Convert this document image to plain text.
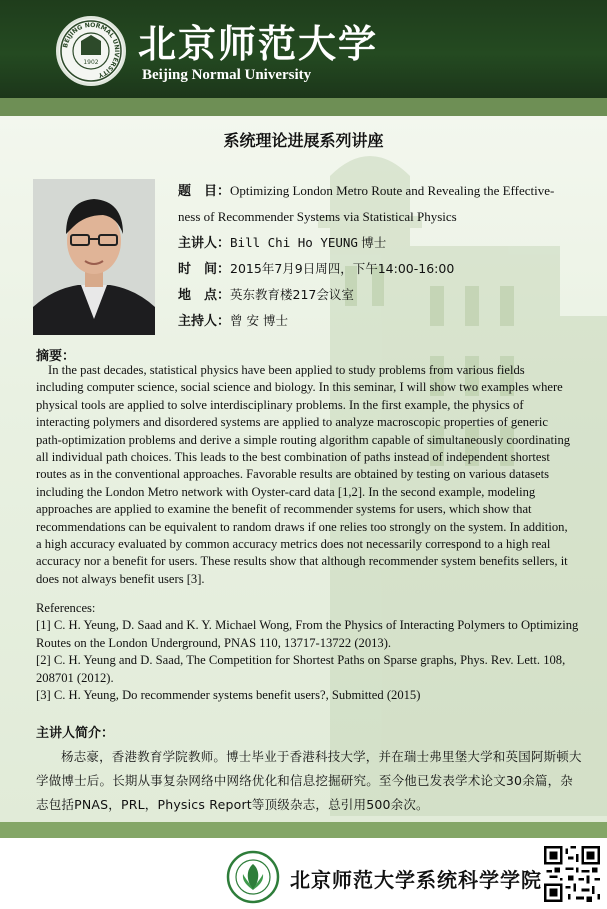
BEIJING NORMAL UNIVERSITY
1902 北京师范大学
Beijing Normal University
系统理论进展系列讲座
题　目：Optimizing London Metro Route and Revealing the Effective-
ness of Recommender Systems via Statistical Physics
主讲人：Bill Chi Ho YEUNG 博士
时　间：2015年7月9日周四，下午14:00-16:00
地　点：英东教育楼217会议室
主持人：曾 安 博士
摘要：

In the past decades, statistical physics have been applied to study problems from various fields including computer science, social science and biology. In this seminar, I will show two examples where physical tools are applied to solve interdisciplinary problems. In the first example, the physics of interacting polymers and disordered systems are applied to analyze macroscopic properties of generic path-optimization problems and derive a simple routing algorithm capable of simultaneously coordinating all individual path choices. This leads to the best combination of paths instead of independent shortest routes as in the conventional approaches. Favorable results are obtained by testing on various datasets including the London Metro network with Oyster-card data [1,2]. In the second example, modeling approaches are applied to examine the benefit of recommender systems for users, which show that recommendations can be equivalent to random draws if one relies too strongly on the system. In addition, a high accuracy evaluated by common accuracy metrics does not necessarily correspond to a high real accuracy nor a benefit for users. These results show that although recommender system benefits sellers, it does not always benefit users [3].

References:
[1] C. H. Yeung, D. Saad and K. Y. Michael Wong, From the Physics of Interacting Polymers to Optimizing Routes on the London Underground, PNAS 110, 13717-13722 (2013).
[2] C. H. Yeung and D. Saad, The Competition for Shortest Paths on Sparse graphs, Phys. Rev. Lett. 108, 208701 (2012).
[3] C. H. Yeung, Do recommender systems benefit users?, Submitted (2015)
主讲人简介：

杨志豪，香港教育学院教师。博士毕业于香港科技大学，并在瑞士弗里堡大学和英国阿斯顿大学做博士后。长期从事复杂网络中网络优化和信息挖掘研究。至今他已发表学术论文30余篇，杂志包括PNAS，PRL，Physics Report等顶级杂志，总引用500余次。

北京师范大学系统科学学院
